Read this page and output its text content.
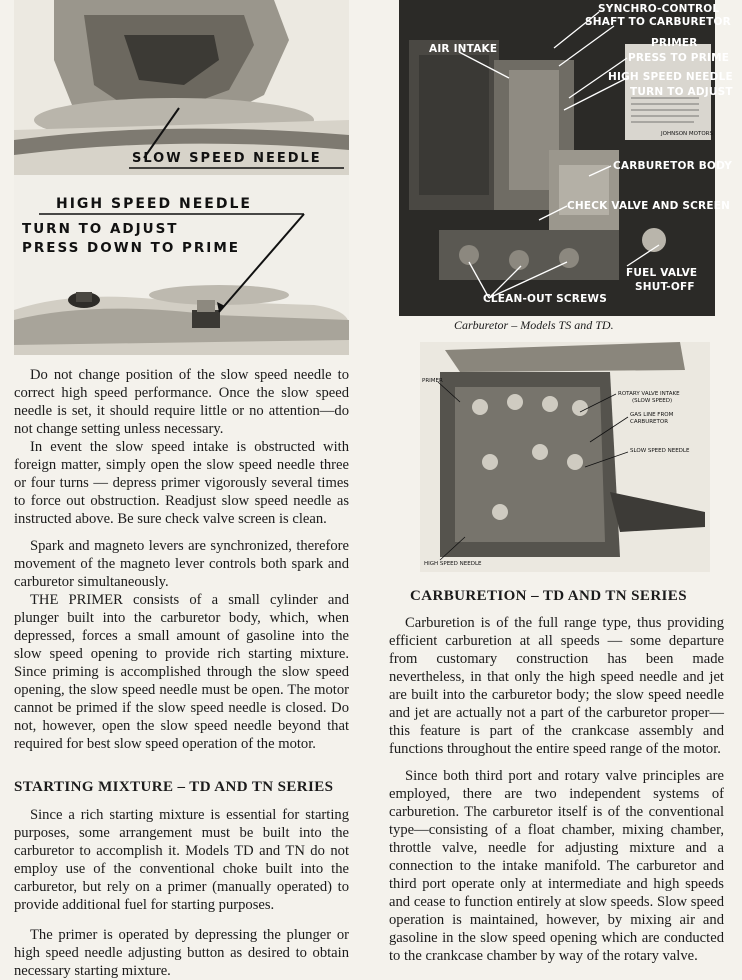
SLOW SPEED NEEDLE
HIGH SPEED NEEDLE
TURN TO ADJUST
PRESS DOWN TO PRIME
SYNCHRO-CONTROL
SHAFT TO CARBURETOR
AIR INTAKE	PRIMER
PRESS TO PRIME
HIGH SPEED NEEDLE
TURN TO ADJUST
JOHNSON MOTORS
CARBURETOR BODY
CHECK VALVE AND SCREEN
FUEL VALVE
SHUT-OFF
CLEAN-OUT SCREWS
Carburetor – Models TS and TD.
PRIMER
ROTARY VALVE INTAKE
(SLOW SPEED)
GAS LINE FROM
CARBURETOR
SLOW SPEED NEEDLE
HIGH SPEED NEEDLE

Do not change position of the slow speed needle to correct high speed performance. Once the slow speed needle is set, it should require little or no attention—do not change setting unless necessary.

In event the slow speed intake is obstructed with foreign matter, simply open the slow speed needle three or four turns — depress primer vigorously several times to force out obstruction. Readjust slow speed needle as instructed above. Be sure check valve screen is clean.

Spark and magneto levers are synchronized, therefore movement of the magneto lever controls both spark and carburetor simultaneously.

THE PRIMER consists of a small cylinder and plunger built into the carburetor body, which, when depressed, forces a small amount of gasoline into the slow speed opening to provide rich starting mixture. Since priming is accomplished through the slow speed opening, the slow speed needle must be open. The motor cannot be primed if the slow speed needle is closed. Do not, however, open the slow speed needle beyond that required for best slow speed operation of the motor.

STARTING MIXTURE – TD AND TN SERIES

Since a rich starting mixture is essential for starting purposes, some arrangement must be built into the carburetor to accomplish it. Models TD and TN do not employ use of the conventional choke built into the carburetor, but rely on a primer (manually operated) to provide additional fuel for starting purposes.

The primer is operated by depressing the plunger or high speed needle adjusting button as desired to obtain necessary starting mixture.

CARBURETION – TD AND TN SERIES

Carburetion is of the full range type, thus providing efficient carburetion at all speeds — some departure from customary construction has been made nevertheless, in that only the high speed needle and jet are built into the carburetor body; the slow speed needle and jet are actually not a part of the carburetor proper—this feature is part of the crankcase assembly and functions throughout the entire speed range of the motor.

Since both third port and rotary valve principles are employed, there are two independent systems of carburetion. The carburetor itself is of the conventional type—consisting of a float chamber, mixing chamber, throttle valve, needle for adjusting mixture and a connection to the intake manifold. The carburetor and third port operate only at intermediate and high speeds and cease to function entirely at slow speeds. Slow speed operation is maintained, however, by mixing air and gasoline in the slow speed opening which are conducted to the crankcase chamber by way of the rotary valve.
